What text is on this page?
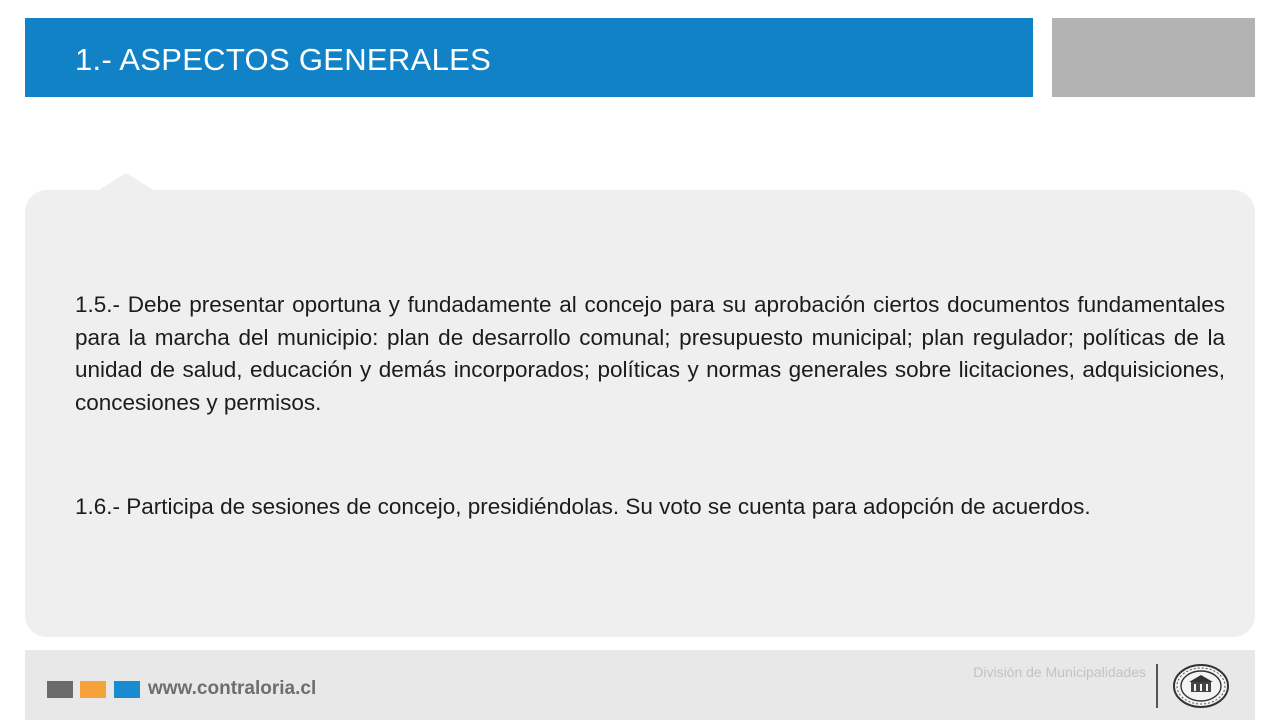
1.- ASPECTOS GENERALES

1.5.- Debe presentar oportuna y fundadamente al concejo para su aprobación ciertos documentos fundamentales para la marcha del municipio: plan de desarrollo comunal; presupuesto municipal; plan regulador; políticas de la unidad de salud, educación y demás incorporados; políticas y normas generales sobre licitaciones, adquisiciones, concesiones y permisos.

1.6.- Participa de sesiones de concejo, presidiéndolas. Su voto se cuenta para adopción de acuerdos.

www.contraloria.cl
División de Municipalidades
